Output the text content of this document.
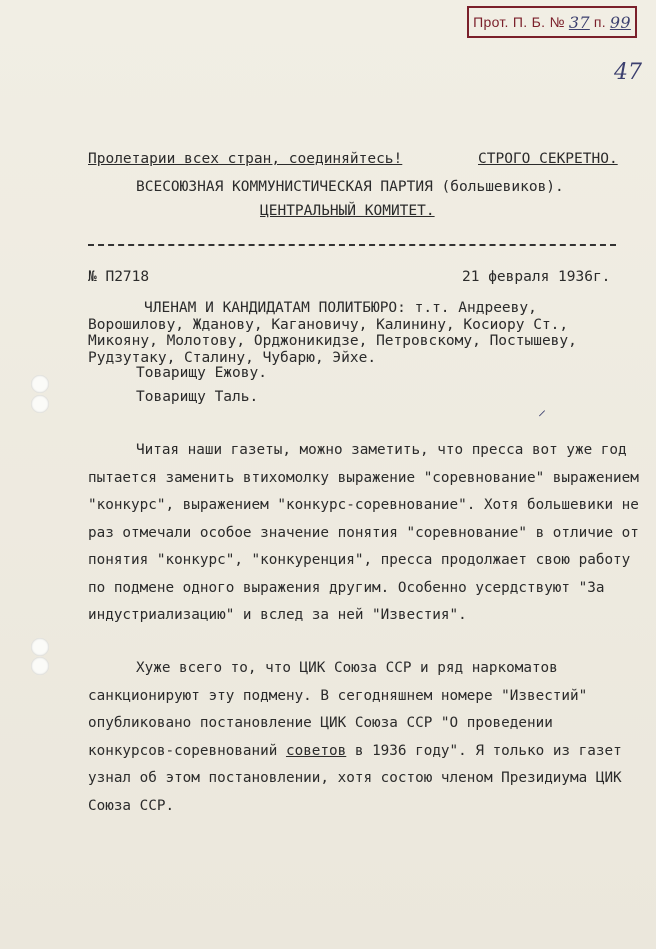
Прот. П. Б. № 37 п. 99
47
Пролетарии всех стран, соединяйтесь!	СТРОГО СЕКРЕТНО.
ВСЕСОЮЗНАЯ КОММУНИСТИЧЕСКАЯ ПАРТИЯ (большевиков).
ЦЕНТРАЛЬНЫЙ КОМИТЕТ.
№ П2718	21 февраля 1936г.
ЧЛЕНАМ И КАНДИДАТАМ ПОЛИТБЮРО: т.т. Андрееву, Ворошилову, Жданову, Кагановичу, Калинину, Косиору Ст., Микояну, Молотову, Орджоникидзе, Петровскому, Постышеву, Рудзутаку, Сталину, Чубарю, Эйхе.
Товарищу Ежову.
Товарищу Таль.
⸝

Читая наши газеты, можно заметить, что пресса вот уже год пытается заменить втихомолку выражение "соревнование" выражением "конкурс", выражением "конкурс-соревнование". Хотя большевики не раз отмечали особое значение понятия "соревнование" в отличие от понятия "конкурс", "конкуренция", пресса продолжает свою работу по подмене одного выражения другим. Особенно усердствуют "За индустриализацию" и вслед за ней "Известия".

Хуже всего то, что ЦИК Союза ССР и ряд наркоматов санкционируют эту подмену. В сегодняшнем номере "Известий" опубликовано постановление ЦИК Союза ССР "О проведении конкурсов-соревнований советов в 1936 году". Я только из газет узнал об этом постановлении, хотя состою членом Президиума ЦИК Союза ССР.
